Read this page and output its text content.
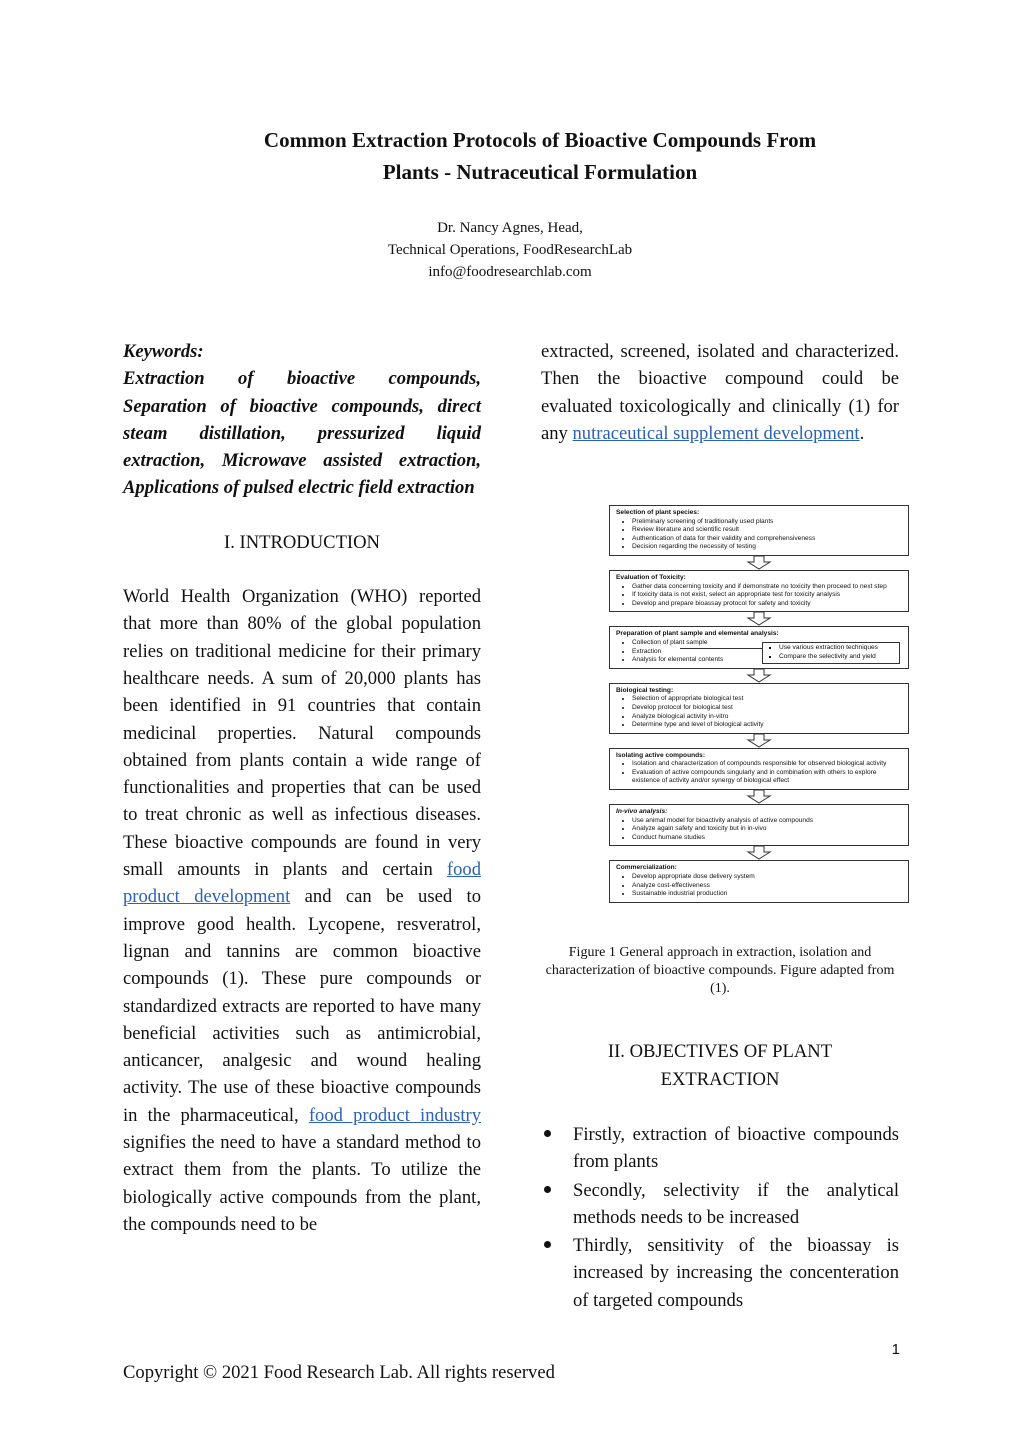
Common Extraction Protocols of Bioactive Compounds From
Plants - Nutraceutical Formulation
Dr. Nancy Agnes, Head,
Technical Operations, FoodResearchLab
info@foodresearchlab.com
Keywords:

Extraction of bioactive compounds, Separation of bioactive compounds, direct steam distillation, pressurized liquid extraction, Microwave assisted extraction, Applications of pulsed electric field extraction

I. INTRODUCTION

World Health Organization (WHO) reported that more than 80% of the global population relies on traditional medicine for their primary healthcare needs. A sum of 20,000 plants has been identified in 91 countries that contain medicinal properties. Natural compounds obtained from plants contain a wide range of functionalities and properties that can be used to treat chronic as well as infectious diseases. These bioactive compounds are found in very small amounts in plants and certain food product development and can be used to improve good health. Lycopene, resveratrol, lignan and tannins are common bioactive compounds (1). These pure compounds or standardized extracts are reported to have many beneficial activities such as antimicrobial, anticancer, analgesic and wound healing activity. The use of these bioactive compounds in the pharmaceutical, food product industry signifies the need to have a standard method to extract them from the plants. To utilize the biologically active compounds from the plant, the compounds need to be

extracted, screened, isolated and characterized. Then the bioactive compound could be evaluated toxicologically and clinically (1) for any nutraceutical supplement development.

Selection of plant species:
• Preliminary screening of traditionally used plants
• Review literature and scientific result
• Authentication of data for their validity and comprehensiveness
• Decision regarding the necessity of testing
Evaluation of Toxicity:
• Gather data concerning toxicity and if demonstrate no toxicity then proceed to next step
• If toxicity data is not exist, select an appropriate test for toxicity analysis
• Develop and prepare bioassay protocol for safety and toxicity
Preparation of plant sample and elemental analysis:
• Collection of plant sample
• Extraction
• Analysis for elemental contents
▪ Use various extraction techniques
▪ Compare the selectivity and yield
Biological testing:
• Selection of appropriate biological test
• Develop protocol for biological test
• Analyze biological activity in-vitro
• Determine type and level of biological activity
Isolating active compounds:
• Isolation and characterization of compounds responsible for observed biological activity
• Evaluation of active compounds singularly and in combination with others to explore existence of activity and/or synergy of biological effect
In-vivo analysis:
• Use animal model for bioactivity analysis of active compounds
• Analyze again safety and toxicity but in in-vivo
• Conduct humane studies
Commercialization:
• Develop appropriate dose delivery system
• Analyze cost-effectiveness
• Sustainable industrial production
Figure 1 General approach in extraction, isolation and characterization of bioactive compounds. Figure adapted from (1).
II. OBJECTIVES OF PLANT
EXTRACTION
Firstly, extraction of bioactive compounds from plants
Secondly, selectivity if the analytical methods needs to be increased
Thirdly, sensitivity of the bioassay is increased by increasing the concenteration of targeted compounds
1
Copyright © 2021 Food Research Lab. All rights reserved
